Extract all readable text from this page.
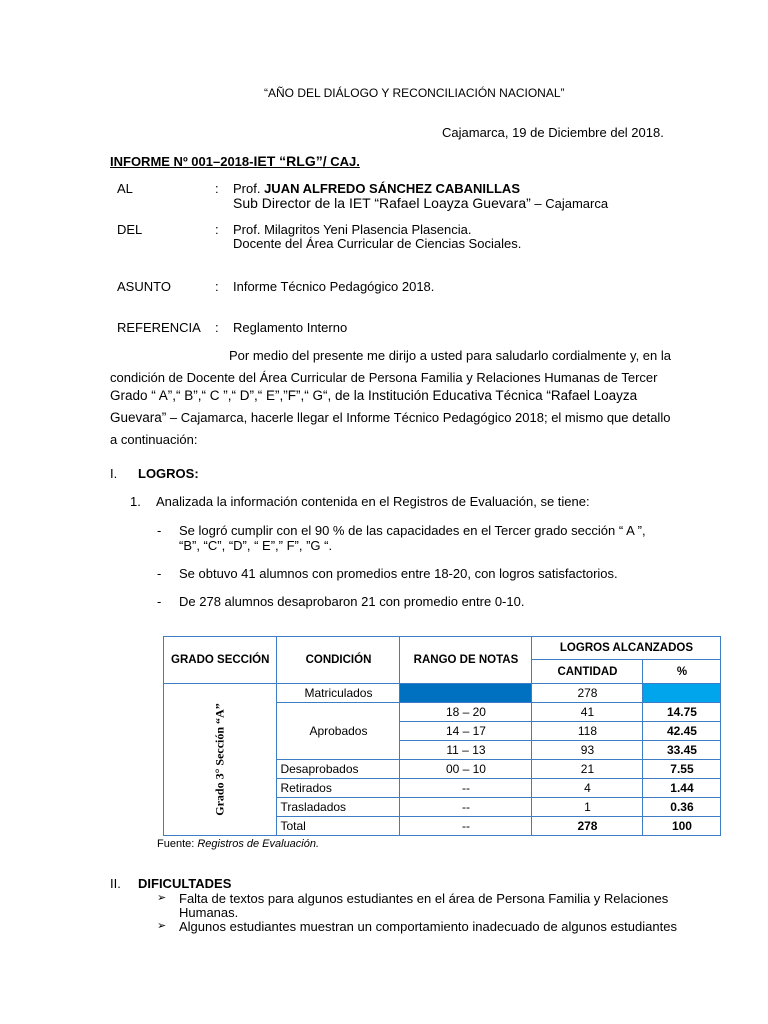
“AÑO DEL DIÁLOGO Y RECONCILIACIÓN NACIONAL”
Cajamarca, 19 de Diciembre del 2018.
INFORME Nº 001–2018-IET “RLG”/ CAJ.
AL	: Prof. JUAN ALFREDO SÁNCHEZ CABANILLAS
Sub Director de la IET “Rafael Loayza Guevara” – Cajamarca
DEL	: Prof. Milagritos Yeni Plasencia Plasencia.
Docente del Área Curricular de Ciencias Sociales.
ASUNTO	: Informe Técnico Pedagógico 2018.
REFERENCIA : Reglamento Interno
Por medio del presente me dirijo a usted para saludarlo cordialmente y, en la

condición de Docente del Área Curricular de Persona Familia y Relaciones Humanas de Tercer

Grado “ A”,“ B”,“ C ”,“ D”,“ E”,”F”,“ G“, de la Institución Educativa Técnica “Rafael Loayza
Guevara” – Cajamarca, hacerle llegar el Informe Técnico Pedagógico 2018; el mismo que detallo
a continuación:
I. LOGROS:
1. Analizada la información contenida en el Registros de Evaluación, se tiene:
- Se logró cumplir con el 90 % de las capacidades en el Tercer grado sección “ A ”,
“B”, “C”, “D”, “ E”,” F”, ”G “.
- Se obtuvo 41 alumnos con promedios entre 18-20, con logros satisfactorios.
- De 278 alumnos desaprobaron 21 con promedio entre 0-10.
GRADO SECCIÓN	CONDICIÓN	RANGO DE NOTAS	LOGROS ALCANZADOS	
			CANTIDAD	%
Grado 3° Sección “A”	Matriculados		278	
	Aprobados	18 – 20	41	14.75
		14 – 17	118	42.45
		11 – 13	93	33.45
	Desaprobados	00 – 10	21	7.55
	Retirados	--	4	1.44
	Trasladados	--	1	0.36
	Total	--	278	100
Fuente: Registros de Evaluación.
II. DIFICULTADES
➢ Falta de textos para algunos estudiantes en el área de Persona Familia y Relaciones
Humanas.
➢ Algunos estudiantes muestran un comportamiento inadecuado de algunos estudiantes
